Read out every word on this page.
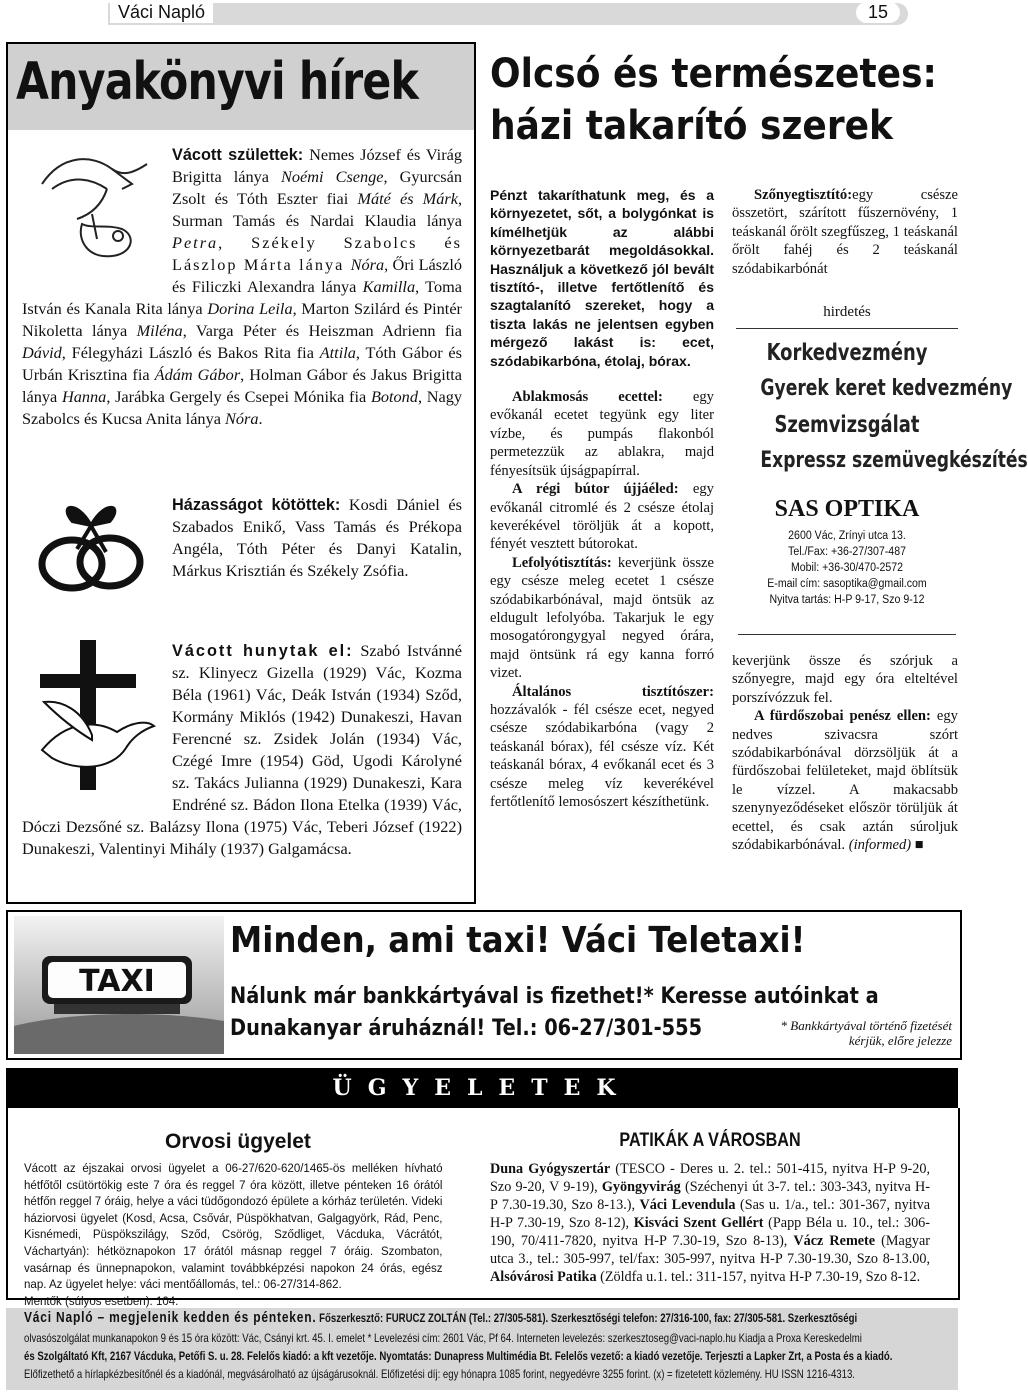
Váci Napló	15
Anyakönyvi hírek

Vácott születtek: Nemes József és Virág Brigitta lánya Noémi Csenge, Gyurcsán Zsolt és Tóth Eszter fiai Máté és Márk, Surman Tamás és Nardai Klaudia lánya Petra, Székely Szabolcs és Lászlop Márta lánya Nóra, Őri László és Filiczki Alexandra lánya Kamilla, Toma István és Kanala Rita lánya Dorina Leila, Marton Szilárd és Pintér Nikoletta lánya Miléna, Varga Péter és Heiszman Adrienn fia Dávid, Félegyházi László és Bakos Rita fia Attila, Tóth Gábor és Urbán Krisztina fia Ádám Gábor, Holman Gábor és Jakus Brigitta lánya Hanna, Jarábka Gergely és Csepei Mónika fia Botond, Nagy Szabolcs és Kucsa Anita lánya Nóra.

Házasságot kötöttek: Kosdi Dániel és Szabados Enikő, Vass Tamás és Prékopa Angéla, Tóth Péter és Danyi Katalin, Márkus Krisztián és Székely Zsófia.

Vácott hunytak el: Szabó Istvánné sz. Klinyecz Gizella (1929) Vác, Kozma Béla (1961) Vác, Deák István (1934) Sződ, Kormány Miklós (1942) Dunakeszi, Havan Ferencné sz. Zsidek Jolán (1934) Vác, Czégé Imre (1954) Göd, Ugodi Károlyné sz. Takács Julianna (1929) Dunakeszi, Kara Endréné sz. Bádon Ilona Etelka (1939) Vác, Dóczi Dezsőné sz. Balázsy Ilona (1975) Vác, Teberi József (1922) Dunakeszi, Valentinyi Mihály (1937) Galgamácsa.

Olcsó és természetes:
házi takarító szerek

Pénzt takaríthatunk meg, és a környezetet, sőt, a bolygónkat is kímélhetjük az alábbi környezetbarát megoldásokkal. Használjuk a következő jól bevált tisztító-, illetve fertőtlenítő és szagtalanító szereket, hogy a tiszta lakás ne jelentsen egyben mérgező lakást is: ecet, szódabikarbóna, étolaj, bórax.

Ablakmosás ecettel: egy evőkanál ecetet tegyünk egy liter vízbe, és pumpás flakonból permetezzük az ablakra, majd fényesítsük újságpapírral.

A régi bútor újjáéled: egy evőkanál citromlé és 2 csésze étolaj keverékével töröljük át a kopott, fényét vesztett bútorokat.

Lefolyótisztítás: keverjünk össze egy csésze meleg ecetet 1 csésze szódabikarbónával, majd öntsük az eldugult lefolyóba. Takarjuk le egy mosogatórongygyal negyed órára, majd öntsünk rá egy kanna forró vizet.

Általános tisztítószer: hozzávalók - fél csésze ecet, negyed csésze szódabikarbóna (vagy 2 teáskanál bórax), fél csésze víz. Két teáskanál bórax, 4 evőkanál ecet és 3 csésze meleg víz keverékével fertőtlenítő lemosószert készíthetünk.

Szőnyegtisztító:egy csésze összetört, szárított fűszernövény, 1 teáskanál őrölt szegfűszeg, 1 teáskanál őrölt fahéj és 2 teáskanál szódabikarbónát

hirdetés
Korkedvezmény
Gyerek keret kedvezmény
Szemvizsgálat
Expressz szemüvegkészítés
SAS OPTIKA
2600 Vác, Zrínyi utca 13.
Tel./Fax: +36-27/307-487
Mobil: +36-30/470-2572
E-mail cím: sasoptika@gmail.com
Nyitva tartás: H-P 9-17, Szo 9-12

keverjünk össze és szórjuk a szőnyegre, majd egy óra elteltével porszívózzuk fel.

A fürdőszobai penész ellen: egy nedves szivacsra szórt szódabikarbónával dörzsöljük át a fürdőszobai felületeket, majd öblítsük le vízzel. A makacsabb szenynyeződéseket először törüljük át ecettel, és csak aztán súroljuk szódabikarbónával. (informed) ■

TAXI
Minden, ami taxi! Váci Teletaxi!
Nálunk már bankkártyával is fizethet!* Keresse autóinkat a
Dunakanyar áruháznál! Tel.: 06-27/301-555	* Bankkártyával történő fizetését kérjük, előre jelezze
ÜGYELETEK
Orvosi ügyelet

Vácott az éjszakai orvosi ügyelet a 06-27/620-620/1465-ös melléken hívható hétfőtől csütörtökig este 7 óra és reggel 7 óra között, illetve pénteken 16 órától hétfőn reggel 7 óráig, helye a váci tüdőgondozó épülete a kórház területén. Videki háziorvosi ügyelet (Kosd, Acsa, Csővár, Püspökhatvan, Galgagyörk, Rád, Penc, Kisnémedi, Püspökszilágy, Sződ, Csörög, Sződliget, Vácduka, Vácrátót, Váchartyán): hétköznapokon 17 órától másnap reggel 7 óráig. Szombaton, vasárnap és ünnepnapokon, valamint továbbképzési napokon 24 órás, egész nap. Az ügyelet helye: váci mentőállomás, tel.: 06-27/314-862.

Mentők (súlyos esetben): 104.

PATIKÁK A VÁROSBAN

Duna Gyógyszertár (TESCO - Deres u. 2. tel.: 501-415, nyitva H-P 9-20, Szo 9-20, V 9-19), Gyöngyvirág (Széchenyi út 3-7. tel.: 303-343, nyitva H-P 7.30-19.30, Szo 8-13.), Váci Levendula (Sas u. 1/a., tel.: 301-367, nyitva H-P 7.30-19, Szo 8-12), Kisváci Szent Gellért (Papp Béla u. 10., tel.: 306-190, 70/411-7820, nyitva H-P 7.30-19, Szo 8-13), Vácz Remete (Magyar utca 3., tel.: 305-997, tel/fax: 305-997, nyitva H-P 7.30-19.30, Szo 8-13.00, Alsóvárosi Patika (Zöldfa u.1. tel.: 311-157, nyitva H-P 7.30-19, Szo 8-12.

Váci Napló – megjelenik kedden és pénteken. Főszerkesztő: FURUCZ ZOLTÁN (Tel.: 27/305-581). Szerkesztőségi telefon: 27/316-100, fax: 27/305-581. Szerkesztőségi
olvasószolgálat munkanapokon 9 és 15 óra között: Vác, Csányi krt. 45. I. emelet * Levelezési cím: 2601 Vác, Pf 64. Interneten levelezés: szerkesztoseg@vaci-naplo.hu Kiadja a Proxa Kereskedelmi
és Szolgáltató Kft, 2167 Vácduka, Petőfi S. u. 28. Felelős kiadó: a kft vezetője. Nyomtatás: Dunapress Multimédia Bt. Felelős vezető: a kiadó vezetője. Terjeszti a Lapker Zrt, a Posta és a kiadó.
Előfizethető a hírlapkézbesítőnél és a kiadónál, megvásárolható az újságárusoknál. Előfizetési díj: egy hónapra 1085 forint, negyedévre 3255 forint. (x) = fizetetett közlemény. HU ISSN 1216-4313.
